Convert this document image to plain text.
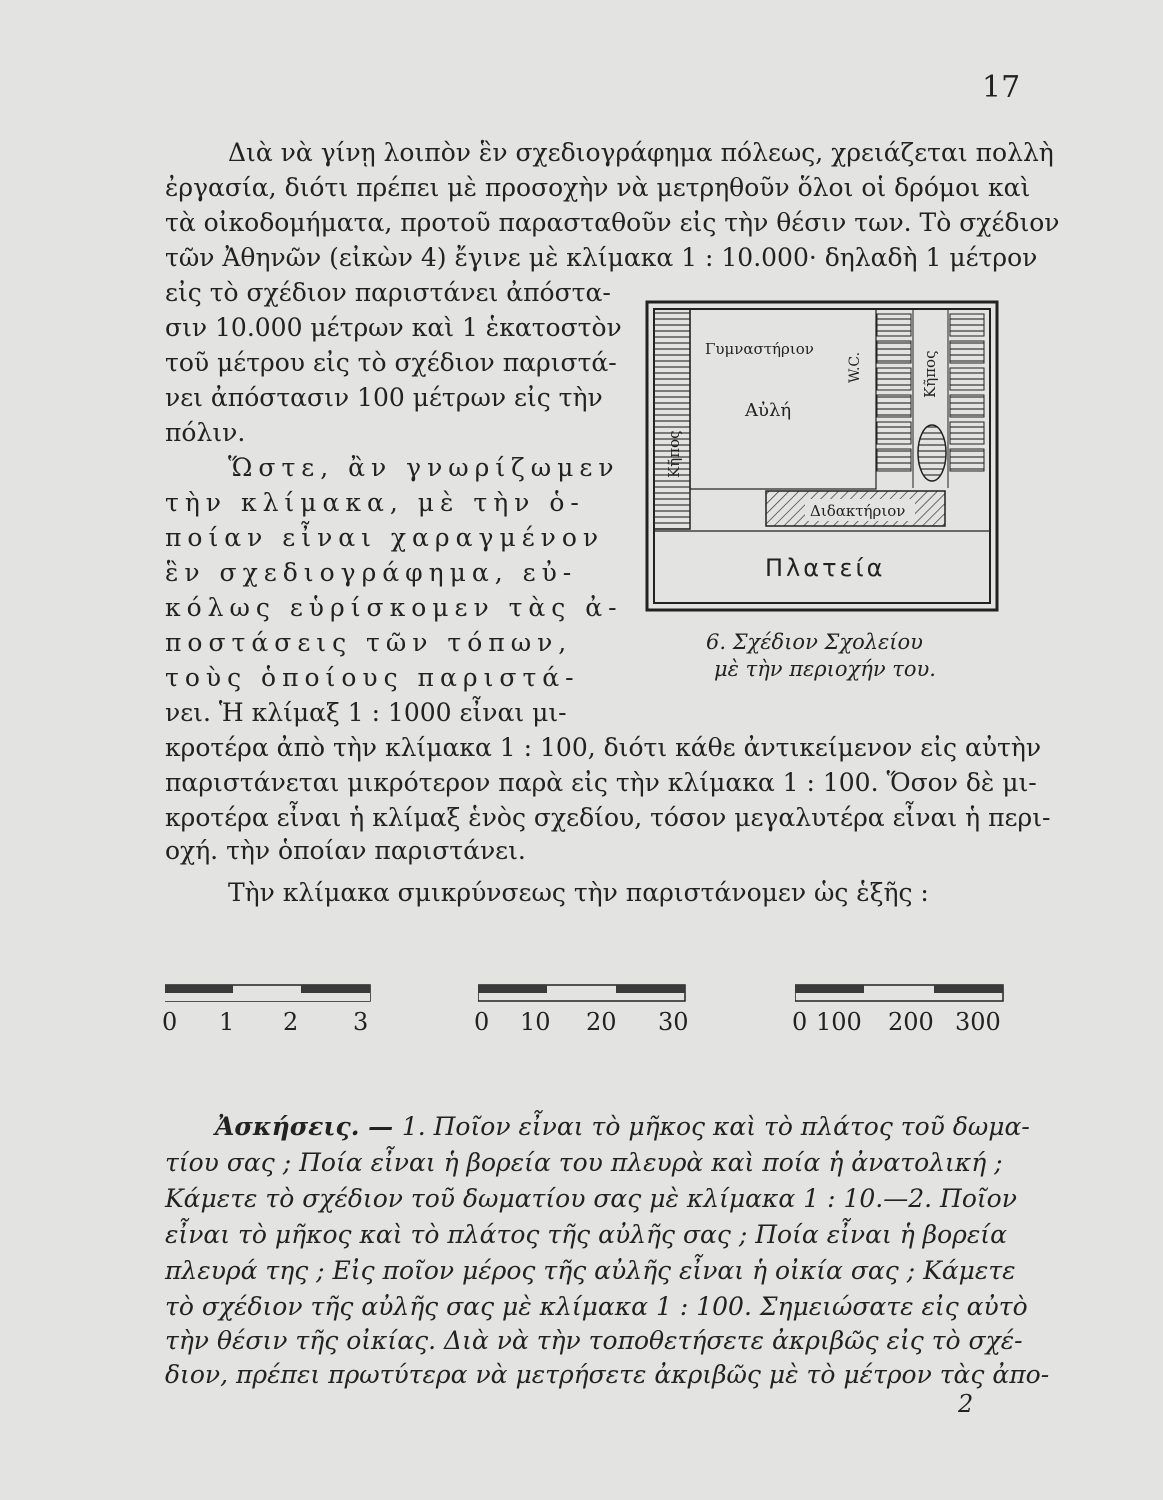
17
Διὰ νὰ γίνῃ λοιπὸν ἓν σχεδιογράφημα πόλεως, χρειάζεται πολλὴ
ἐργασία, διότι πρέπει μὲ προσοχὴν νὰ μετρηθοῦν ὅλοι οἱ δρόμοι καὶ
τὰ οἰκοδομήματα, προτοῦ παρασταθοῦν εἰς τὴν θέσιν των. Τὸ σχέδιον
τῶν Ἀθηνῶν (εἰκὼν 4) ἔγινε μὲ κλίμακα 1 : 10.000· δηλαδὴ 1 μέτρον
εἰς τὸ σχέδιον παριστάνει ἀπόστα-
σιν 10.000 μέτρων καὶ 1 ἑκατοστὸν
τοῦ μέτρου εἰς τὸ σχέδιον παριστά-
νει ἀπόστασιν 100 μέτρων εἰς τὴν
πόλιν.
Ὥστε, ἂν γνωρίζωμεν
τὴν κλίμακα, μὲ τὴν ὁ-
ποίαν εἶναι χαραγμένον
ἓν σχεδιογράφημα, εὐ-
κόλως εὑρίσκομεν τὰς ἀ-
ποστάσεις τῶν τόπων,
τοὺς ὁποίους παριστά-
νει. Ἡ κλίμαξ 1 : 1000 εἶναι μι-
Γυμναστήριον
Αὐλή
Διδακτήριον
Πλατεία
Κῆπος
Κῆπος
W.C.
6. Σχέδιον Σχολείου
μὲ τὴν περιοχήν του.
κροτέρα ἀπὸ τὴν κλίμακα 1 : 100, διότι κάθε ἀντικείμενον εἰς αὐτὴν
παριστάνεται μικρότερον παρὰ εἰς τὴν κλίμακα 1 : 100. Ὅσον δὲ μι-
κροτέρα εἶναι ἡ κλίμαξ ἑνὸς σχεδίου, τόσον μεγαλυτέρα εἶναι ἡ περι-
οχή. τὴν ὁποίαν παριστάνει.
Τὴν κλίμακα σμικρύνσεως τὴν παριστάνομεν ὡς ἑξῆς :
0 1 2 3	0 10 20 30	0 100 200 300
Ἀσκήσεις. — 1. Ποῖον εἶναι τὸ μῆκος καὶ τὸ πλάτος τοῦ δωμα-
τίου σας ; Ποία εἶναι ἡ βορεία του πλευρὰ καὶ ποία ἡ ἀνατολική ;
Κάμετε τὸ σχέδιον τοῦ δωματίου σας μὲ κλίμακα 1 : 10.—2. Ποῖον
εἶναι τὸ μῆκος καὶ τὸ πλάτος τῆς αὐλῆς σας ; Ποία εἶναι ἡ βορεία
πλευρά της ; Εἰς ποῖον μέρος τῆς αὐλῆς εἶναι ἡ οἰκία σας ; Κάμετε
τὸ σχέδιον τῆς αὐλῆς σας μὲ κλίμακα 1 : 100. Σημειώσατε εἰς αὐτὸ
τὴν θέσιν τῆς οἰκίας. Διὰ νὰ τὴν τοποθετήσετε ἀκριβῶς εἰς τὸ σχέ-
διον, πρέπει πρωτύτερα νὰ μετρήσετε ἀκριβῶς μὲ τὸ μέτρον τὰς ἀπο-
2
